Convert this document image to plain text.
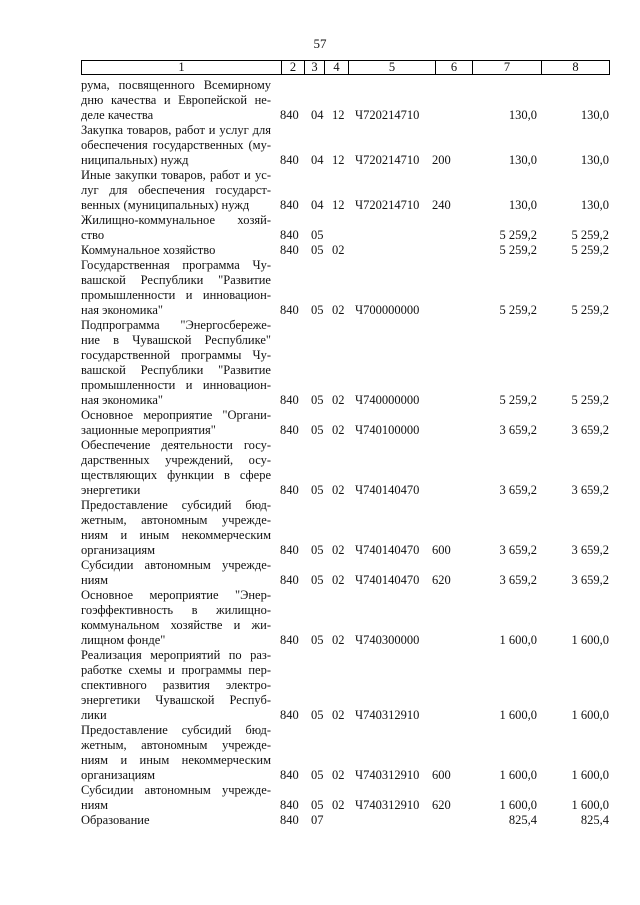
57
1	2	3	4	5	6	7	8
рума, посвященного Всемирному
дню качества и Европейской не-
деле качества	840 04 12 Ч720214710	130,0	130,0
Закупка товаров, работ и услуг для
обеспечения государственных (му-
ниципальных) нужд	840 04 12 Ч720214710	200	130,0	130,0
Иные закупки товаров, работ и ус-
луг для обеспечения государст-
венных (муниципальных) нужд	840 04 12 Ч720214710	240	130,0	130,0
Жилищно-коммунальное хозяй-
ство	840 05	5 259,2	5 259,2
Коммунальное хозяйство	840 05 02	5 259,2	5 259,2
Государственная программа Чу-
вашской Республики "Развитие
промышленности и инновацион-
ная экономика"	840 05 02 Ч700000000	5 259,2	5 259,2
Подпрограмма "Энергосбереже-
ние в Чувашской Республике"
государственной программы Чу-
вашской Республики "Развитие
промышленности и инновацион-
ная экономика"	840 05 02 Ч740000000	5 259,2	5 259,2
Основное мероприятие "Органи-
зационные мероприятия"	840 05 02 Ч740100000	3 659,2	3 659,2
Обеспечение деятельности госу-
дарственных учреждений, осу-
ществляющих функции в сфере
энергетики	840 05 02 Ч740140470	3 659,2	3 659,2
Предоставление субсидий бюд-
жетным, автономным учрежде-
ниям и иным некоммерческим
организациям	840 05 02 Ч740140470	600	3 659,2	3 659,2
Субсидии автономным учрежде-
ниям	840 05 02 Ч740140470	620	3 659,2	3 659,2
Основное мероприятие "Энер-
гоэффективность в жилищно-
коммунальном хозяйстве и жи-
лищном фонде"	840 05 02 Ч740300000	1 600,0	1 600,0
Реализация мероприятий по раз-
работке схемы и программы пер-
спективного развития электро-
энергетики Чувашской Респуб-
лики	840 05 02 Ч740312910	1 600,0	1 600,0
Предоставление субсидий бюд-
жетным, автономным учрежде-
ниям и иным некоммерческим
организациям	840 05 02 Ч740312910	600	1 600,0	1 600,0
Субсидии автономным учрежде-
ниям	840 05 02 Ч740312910	620	1 600,0	1 600,0
Образование	840 07	825,4	825,4
